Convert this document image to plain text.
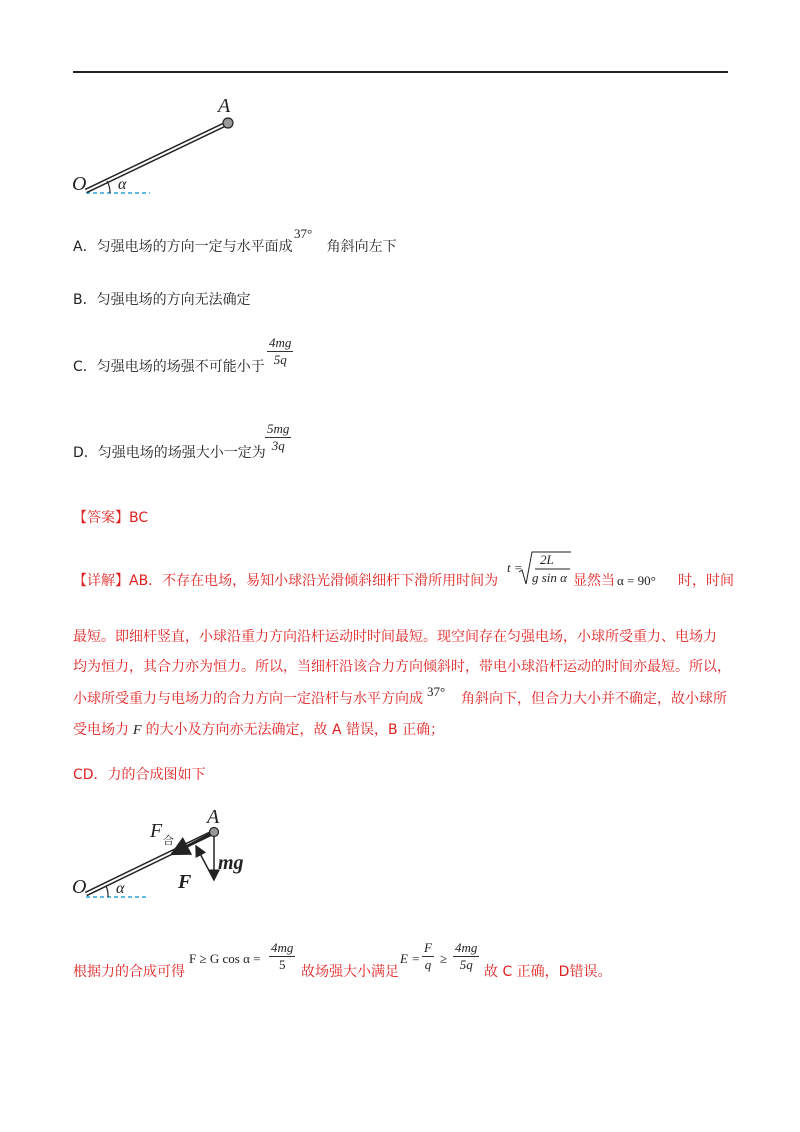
A
O α
A．匀强电场的方向一定与水平面成 角斜向左下
37°
B．匀强电场的方向无法确定
C．匀强电场的场强不可能小于 $\frac{4mg}{5q}$
D．匀强电场的场强大小一定为 $\frac{5mg}{3q}$
【答案】BC
【详解】AB．不存在电场，易知小球沿光滑倾斜细杆下滑所用时间为
t =
2L
g sin α 显然当 α = 90° 时，时间
最短。即细杆竖直，小球沿重力方向沿杆运动时时间最短。现空间存在匀强电场，小球所受重力、电场力
均为恒力，其合力亦为恒力。所以，当细杆沿该合力方向倾斜时，带电小球沿杆运动的时间亦最短。所以，
小球所受重力与电场力的合力方向一定沿杆与水平方向成	角斜向下，但合力大小并不确定，故小球所
37°
受电场力 F 的大小及方向亦无法确定，故 A 错误，B 正确；
CD．力的合成图如下
F 合
A
mg
F
O α
根据力的合成可得
F ≥ G $\cos \alpha = \frac{4mg}{5}$ 故场强大小满足
$E = \frac{F}{q} \ge \frac{4mg}{5q}$ 故 C 正确，D错误。
